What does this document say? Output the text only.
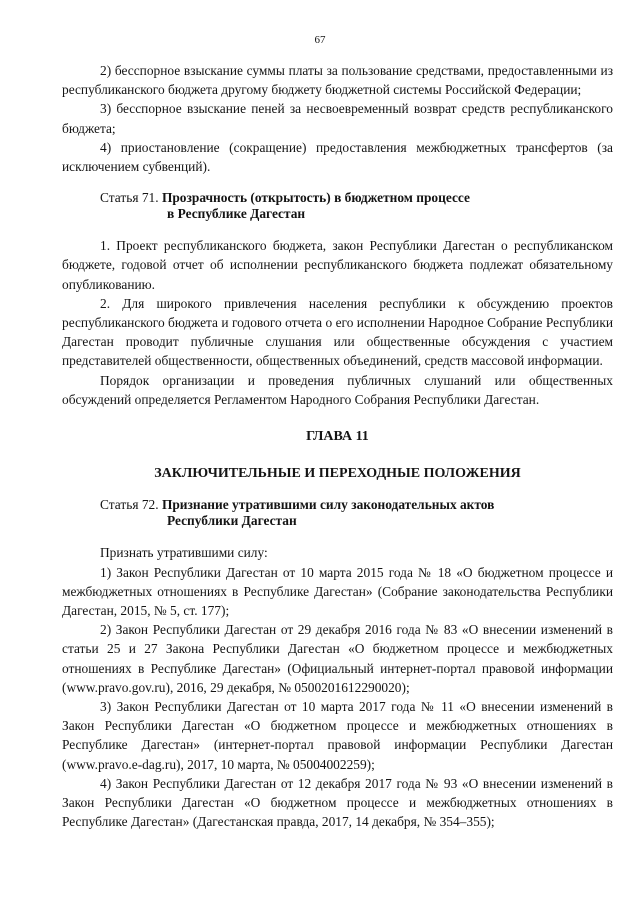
67

2) бесспорное взыскание суммы платы за пользование средствами, предоставленными из республиканского бюджета другому бюджету бюджетной системы Российской Федерации;

3) бесспорное взыскание пеней за несвоевременный возврат средств республиканского бюджета;

4) приостановление (сокращение) предоставления межбюджетных трансфертов (за исключением субвенций).

Статья 71. Прозрачность (открытость) в бюджетном процессе
в Республике Дагестан

1. Проект республиканского бюджета, закон Республики Дагестан о республиканском бюджете, годовой отчет об исполнении республиканского бюджета подлежат обязательному опубликованию.

2. Для широкого привлечения населения республики к обсуждению проектов республиканского бюджета и годового отчета о его исполнении Народное Собрание Республики Дагестан проводит публичные слушания или общественные обсуждения с участием представителей общественности, общественных объединений, средств массовой информации.

Порядок организации и проведения публичных слушаний или общественных обсуждений определяется Регламентом Народного Собрания Республики Дагестан.

ГЛАВА 11

ЗАКЛЮЧИТЕЛЬНЫЕ И ПЕРЕХОДНЫЕ ПОЛОЖЕНИЯ

Статья 72. Признание утратившими силу законодательных актов
Республики Дагестан

Признать утратившими силу:

1) Закон Республики Дагестан от 10 марта 2015 года № 18 «О бюджетном процессе и межбюджетных отношениях в Республике Дагестан» (Собрание законодательства Республики Дагестан, 2015, № 5, ст. 177);

2) Закон Республики Дагестан от 29 декабря 2016 года № 83 «О внесении изменений в статьи 25 и 27 Закона Республики Дагестан «О бюджетном процессе и межбюджетных отношениях в Республике Дагестан» (Официальный интернет-портал правовой информации (www.pravo.gov.ru), 2016, 29 декабря, № 0500201612290020);

3) Закон Республики Дагестан от 10 марта 2017 года № 11 «О внесении изменений в Закон Республики Дагестан «О бюджетном процессе и межбюджетных отношениях в Республике Дагестан» (интернет-портал правовой информации Республики Дагестан (www.pravo.e-dag.ru), 2017, 10 марта, № 05004002259);

4) Закон Республики Дагестан от 12 декабря 2017 года № 93 «О внесении изменений в Закон Республики Дагестан «О бюджетном процессе и межбюджетных отношениях в Республике Дагестан» (Дагестанская правда, 2017, 14 декабря, № 354–355);
